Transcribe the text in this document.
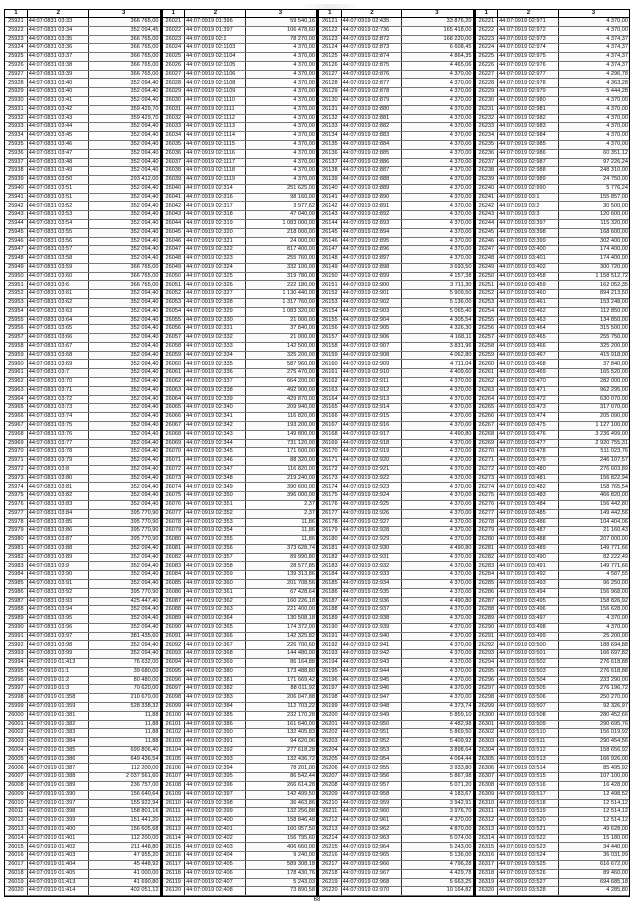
1	2	3
25921 44:07:0831 03:33	366 765,00
25922 44:07:0831 03:34	352 094,45
25923 44:07:0831 03:35	366 765,00
25924 44:07:0831 03:36	366 765,00
25925 44:07:0831 03:37	366 765,00
25926 44:07:0831 03:38	366 765,00
25927 44:07:0831 03:39	366 765,00
25928 44:07:0831 03:40	352 094,40
25929 44:07:0831 03:40	352 094,40
25930 44:07:0831 03:41	352 094,40
25931 44:07:0831 03:42	359 429,70
25932 44:07:0831 03:43	359 429,70
25933 44:07:0831 03:44	352 094,40
25934 44:07:0831 03:45	352 094,40
25935 44:07:0831 03:46	352 094,40
25936 44:07:0831 03:47	352 094,40
25937 44:07:0831 03:48	352 094,40
25938 44:07:0831 03:49	352 094,40
25939 44:07:0831 03:50	293 412,00
25940 44:07:0831 03:51	352 094,40
25941 44:07:0831 03:51	352 094,40
25942 44:07:0831 03:52	352 094,40
25943 44:07:0831 03:53	352 094,40
25944 44:07:0831 03:54	352 094,40
25945 44:07:0831 03:55	352 094,40
25946 44:07:0831 03:56	352 094,40
25947 44:07:0831 03:57	352 094,40
25948 44:07:0831 03:58	352 094,40
25949 44:07:0831 03:59	366 765,00
25950 44:07:0831 03:60	366 765,00
25951 44:07:0831 03:6	366 765,00
25952 44:07:0831 03:61	352 094,40
25953 44:07:0831 03:62	352 094,40
25954 44:07:0831 03:63	352 094,40
25955 44:07:0831 03:64	352 094,40
25956 44:07:0831 03:65	352 094,40
25957 44:07:0831 03:66	352 094,40
25958 44:07:0831 03:67	352 094,40
25959 44:07:0831 03:68	352 094,40
25960 44:07:0831 03:69	352 094,40
25961 44:07:0831 03:7	352 094,40
25962 44:07:0831 03:70	352 094,40
25963 44:07:0831 03:71	352 094,40
25964 44:07:0831 03:72	352 094,40
25965 44:07:0831 03:73	352 094,40
25966 44:07:0831 03:74	352 094,40
25967 44:07:0831 03:75	352 094,40
25968 44:07:0831 03:76	352 094,40
25969 44:07:0831 03:77	352 094,40
25970 44:07:0831 03:78	352 094,40
25971 44:07:0831 03:79	352 094,40
25972 44:07:0831 03:8	352 094,40
25973 44:07:0831 03:80	352 094,40
25974 44:07:0831 03:81	352 094,40
25975 44:07:0831 03:82	352 094,40
25976 44:07:0831 03:83	352 094,40
25977 44:07:0831 03:84	395 770,90
25978 44:07:0831 03:85	395 770,90
25979 44:07:0831 03:86	395 770,90
25980 44:07:0831 03:87	395 770,90
25981 44:07:0831 03:88	352 094,40
25982 44:07:0831 03:89	352 094,40
25983 44:07:0831 03:9	352 094,40
25984 44:07:0831 03:90	352 094,40
25985 44:07:0831 03:91	352 094,40
25986 44:07:0831 03:92	395 770,90
25987 44:07:0831 03:93	425 447,40
25988 44:07:0831 03:94	352 094,40
25989 44:07:0831 03:95	352 094,40
25990 44:07:0831 03:96	352 094,40
25991 44:07:0831 03:97	381 435,60
25992 44:07:0831 03:98	352 094,40
25993 44:07:0831 03:99	352 094,40
25994 44:07:0919 01:413	76 632,00
25995 44:07:0919 01:1	39 680,00
25996 44:07:0919 01:2	80 480,00
25997 44:07:0919 01:3	70 620,00
25998 44:07:0919 01:358	210 670,00
25999 44:07:0919 01:359	528 338,32
26000 44:07:0919 01:381	11,88
26001 44:07:0919 01:382	11,88
26002 44:07:0919 01:383	11,88
26003 44:07:0919 01:384	11,88
26004 44:07:0919 01:385	699 806,40
26005 44:07:0919 01:386	649 436,54
26006 44:07:0919 01:387	112 200,00
26007 44:07:0919 01:388	2 037 561,60
26008 44:07:0919 01:389	236 757,00
26009 44:07:0919 01:390	156 640,64
26010 44:07:0919 01:397	155 922,94
26011 44:07:0919 01:398	158 801,16
26012 44:07:0919 01:399	151 441,20
26013 44:07:0919 01:400	156 605,68
26014 44:07:0919 01:401	112 200,00
26015 44:07:0919 01:402	211 448,80
26016 44:07:0919 01:403	47 955,20
26017 44:07:0919 01:404	45 448,92
26018 44:07:0919 01:405	41 000,00
26019 44:07:0919 01:413	41 690,80
26020 44:07:0919 01:414	402 051,12
1	2	3
26021 44:07:0919 01:396	59 540,16
26022 44:07:0919 01:397	106 478,60
26023 44:07:0919 02:1	78 270,00
26024 44:07:0919 02:1103	4 370,00
26025 44:07:0919 02:1104	4 370,00
26026 44:07:0919 02:1105	4 370,00
26027 44:07:0919 02:1106	4 370,00
26028 44:07:0919 02:1108	4 370,00
26029 44:07:0919 02:1109	4 370,00
26030 44:07:0919 02:1110	4 370,00
26031 44:07:0919 02:1111	4 370,00
26032 44:07:0919 02:1112	4 370,00
26033 44:07:0919 02:1113	4 370,00
26034 44:07:0919 02:1114	4 370,00
26035 44:07:0919 02:1115	4 370,00
26036 44:07:0919 02:1116	4 370,00
26037 44:07:0919 02:1117	4 370,00
26038 44:07:0919 02:1118	4 370,00
26039 44:07:0919 02:1119	4 370,00
26040 44:07:0919 02:314	251 625,00
26041 44:07:0919 02:316	98 160,00
26042 44:07:0919 02:317	3 977,62
26043 44:07:0919 02:318	47 040,00
26044 44:07:0919 02:319	1 083 000,00
26045 44:07:0919 02:320	218 000,00
26046 44:07:0919 02:321	24 000,00
26047 44:07:0919 02:322	817 400,00
26048 44:07:0919 02:323	255 760,00
26049 44:07:0919 02:324	332 100,00
26050 44:07:0919 02:325	319 780,00
26051 44:07:0919 02:326	222 180,00
26052 44:07:0919 02:327	1 130 440,00
26053 44:07:0919 02:328	1 317 760,00
26054 44:07:0919 02:329	1 083 320,00
26055 44:07:0919 02:330	21 000,00
26056 44:07:0919 02:331	37 840,00
26057 44:07:0919 02:332	21 000,00
26058 44:07:0919 02:333	142 500,00
26059 44:07:0919 02:334	325 200,00
26060 44:07:0919 02:335	587 960,00
26061 44:07:0919 02:336	275 470,00
26062 44:07:0919 02:337	664 200,00
26063 44:07:0919 02:338	492 900,00
26064 44:07:0919 02:339	429 870,00
26065 44:07:0919 02:340	209 940,00
26066 44:07:0919 02:341	116 820,00
26067 44:07:0919 02:342	193 200,00
26068 44:07:0919 02:343	149 800,00
26069 44:07:0919 02:344	731 120,00
26070 44:07:0919 02:345	171 600,00
26071 44:07:0919 02:346	88 320,00
26072 44:07:0919 02:347	116 820,00
26073 44:07:0919 02:348	219 240,00
26074 44:07:0919 02:349	390 600,00
26075 44:07:0919 02:350	396 000,00
26076 44:07:0919 02:351	2,37
26077 44:07:0919 02:352	2,37
26078 44:07:0919 02:353	11,86
26079 44:07:0919 02:354	11,86
26080 44:07:0919 02:355	11,86
26081 44:07:0919 02:356	373 628,74
26082 44:07:0919 02:357	89 990,80
26083 44:07:0919 02:358	28 577,85
26084 44:07:0919 02:359	139 313,86
26085 44:07:0919 02:360	201 708,56
26086 44:07:0919 02:361	67 428,64
26087 44:07:0919 02:362	160 226,18
26088 44:07:0919 02:363	221 400,00
26089 44:07:0919 02:364	130 508,18
26090 44:07:0919 02:365	174 372,00
26091 44:07:0919 02:366	142 325,82
26092 44:07:0919 02:367	226 700,60
26093 44:07:0919 02:368	144 480,00
26094 44:07:0919 02:369	86 164,88
26095 44:07:0919 02:380	173 488,80
26096 44:07:0919 02:381	171 669,42
26097 44:07:0919 02:382	88 011,92
26098 44:07:0919 02:383	206 047,88
26099 44:07:0919 02:384	112 703,22
26100 44:07:0919 02:385	232 170,28
26101 44:07:0919 02:386	161 640,00
26102 44:07:0919 02:390	132 405,83
26103 44:07:0919 02:391	94 620,96
26104 44:07:0919 02:392	277 618,28
26105 44:07:0919 02:393	132 436,72
26106 44:07:0919 02:394	78 201,00
26107 44:07:0919 02:395	86 542,44
26108 44:07:0919 02:396	266 614,28
26109 44:07:0919 02:397	142 499,50
26110 44:07:0919 02:398	36 463,86
26111 44:07:0919 02:399	132 256,88
26112 44:07:0919 02:400	158 846,48
26113 44:07:0919 02:401	160 957,50
26114 44:07:0919 02:402	156 795,60
26115 44:07:0919 02:403	406 660,00
26116 44:07:0919 02:404	9 240,00
26117 44:07:0919 02:405	589 308,18
26118 44:07:0919 02:406	178 430,76
26119 44:07:0919 02:407	5 243,03
26120 44:07:0919 02:408	73 890,58
1	2	3
26121 44:07:0919 02:435	33 876,20
26122 44:07:0919 02:736	165 418,00
26123 44:07:0919 02:872	168 220,00
26124 44:07:0919 02:873	6 608,45
26125 44:07:0919 02:874	4 864,35
26126 44:07:0919 02:875	4 465,06
26127 44:07:0919 02:876	4 370,00
26128 44:07:0919 02:877	4 370,00
26129 44:07:0919 02:878	4 370,00
26130 44:07:0919 02:879	4 370,00
26131 44:07:0919 02:880	4 370,00
26132 44:07:0919 02:881	4 370,00
26133 44:07:0919 02:882	4 370,00
26134 44:07:0919 02:883	4 370,00
26135 44:07:0919 02:884	4 370,00
26136 44:07:0919 02:885	4 370,00
26137 44:07:0919 02:886	4 370,00
26138 44:07:0919 02:887	4 370,00
26139 44:07:0919 02:888	4 370,00
26140 44:07:0919 02:889	4 370,00
26141 44:07:0919 02:890	4 370,00
26142 44:07:0919 02:891	4 370,00
26143 44:07:0919 02:892	4 370,00
26144 44:07:0919 02:893	4 370,00
26145 44:07:0919 02:894	4 370,00
26146 44:07:0919 02:895	4 370,00
26147 44:07:0919 02:896	4 370,00
26148 44:07:0919 02:897	4 370,00
26149 44:07:0919 02:898	3 693,50
26150 44:07:0919 02:899	4 157,38
26151 44:07:0919 02:900	3 711,30
26152 44:07:0919 02:901	5 909,50
26153 44:07:0919 02:902	5 136,00
26154 44:07:0919 02:903	5 065,40
26155 44:07:0919 02:904	4 305,54
26156 44:07:0919 02:905	4 326,30
26157 44:07:0919 02:906	4 168,11
26158 44:07:0919 02:907	3 831,96
26159 44:07:0919 02:908	4 062,80
26160 44:07:0919 02:909	4 711,04
26161 44:07:0919 02:910	4 409,60
26162 44:07:0919 02:911	4 370,00
26163 44:07:0919 02:912	4 370,00
26164 44:07:0919 02:913	4 370,00
26165 44:07:0919 02:914	4 370,00
26166 44:07:0919 02:915	4 370,00
26167 44:07:0919 02:916	4 370,00
26168 44:07:0919 02:917	4 490,80
26169 44:07:0919 02:918	4 370,00
26170 44:07:0919 02:919	4 370,00
26171 44:07:0919 02:920	4 370,00
26172 44:07:0919 02:921	4 370,00
26173 44:07:0919 02:922	4 370,00
26174 44:07:0919 02:923	4 370,00
26175 44:07:0919 02:924	4 370,00
26176 44:07:0919 02:925	4 370,00
26177 44:07:0919 02:926	4 370,00
26178 44:07:0919 02:927	4 370,00
26179 44:07:0919 02:928	4 370,00
26180 44:07:0919 02:929	4 370,00
26181 44:07:0919 02:930	4 490,80
26182 44:07:0919 02:931	4 370,00
26183 44:07:0919 02:932	4 370,00
26184 44:07:0919 02:933	4 370,00
26185 44:07:0919 02:934	4 370,00
26186 44:07:0919 02:935	4 370,00
26187 44:07:0919 02:936	4 490,80
26188 44:07:0919 02:937	4 370,00
26189 44:07:0919 02:938	4 370,00
26190 44:07:0919 02:939	4 370,00
26191 44:07:0919 02:940	4 370,00
26192 44:07:0919 02:941	4 370,00
26193 44:07:0919 02:942	4 370,00
26194 44:07:0919 02:943	4 370,00
26195 44:07:0919 02:944	4 370,00
26196 44:07:0919 02:945	4 370,00
26197 44:07:0919 02:946	4 370,00
26198 44:07:0919 02:947	4 370,00
26199 44:07:0919 02:948	4 373,74
26200 44:07:0919 02:949	5 859,10
26201 44:07:0919 02:950	4 482,98
26202 44:07:0919 02:951	5 869,50
26203 44:07:0919 02:952	5 409,92
26204 44:07:0919 02:953	3 898,64
26205 44:07:0919 02:954	4 064,44
26206 44:07:0919 02:955	3 933,80
26207 44:07:0919 02:956	5 867,98
26208 44:07:0919 02:957	5 071,20
26209 44:07:0919 02:958	4 183,67
26210 44:07:0919 02:959	3 942,91
26211 44:07:0919 02:960	3 976,70
26212 44:07:0919 02:961	4 370,00
26213 44:07:0919 02:962	4 870,00
26214 44:07:0919 02:963	5 074,00
26215 44:07:0919 02:964	5 243,00
26216 44:07:0919 02:965	5 136,00
26217 44:07:0919 02:966	4 796,28
26218 44:07:0919 02:967	4 429,78
26219 44:07:0919 02:968	5 663,25
26220 44:07:0919 02:970	10 164,82
1	2	3
26221 44:07:0919 02:971	4 370,00
26222 44:07:0919 02:972	4 370,00
26223 44:07:0919 02:973	4 374,37
26224 44:07:0919 02:974	4 374,37
26225 44:07:0919 02:975	4 374,37
26226 44:07:0919 02:976	4 374,37
26227 44:07:0919 02:977	4 296,78
26228 44:07:0919 02:978	4 363,28
26229 44:07:0919 02:979	5 444,28
26230 44:07:0919 02:980	4 370,00
26231 44:07:0919 02:981	4 370,00
26232 44:07:0919 02:982	4 370,00
26233 44:07:0919 02:983	4 370,00
26234 44:07:0919 02:984	4 370,00
26235 44:07:0919 02:985	4 370,00
26236 44:07:0919 02:986	60 351,12
26237 44:07:0919 02:987	97 226,24
26238 44:07:0919 02:988	248 310,00
26239 44:07:0919 02:989	24 750,00
26240 44:07:0919 02:990	5 776,24
26241 44:07:0919 03:1	155 857,00
26242 44:07:0919 03:2	30 500,00
26243 44:07:0919 03:3	120 600,00
26244 44:07:0919 03:397	115 320,00
26245 44:07:0919 03:398	168 600,00
26246 44:07:0919 03:399	302 400,00
26247 44:07:0919 03:400	174 400,00
26248 44:07:0919 03:401	174 400,00
26249 44:07:0919 03:402	300 720,00
26250 44:07:0919 03:458	1 158 512,72
26251 44:07:0919 03:459	162 052,35
26252 44:07:0919 03:460	894 213,50
26253 44:07:0919 03:461	153 248,00
26254 44:07:0919 03:462	112 850,00
26255 44:07:0919 03:463	134 850,00
26256 44:07:0919 03:464	315 500,00
26257 44:07:0919 03:465	255 750,00
26258 44:07:0919 03:466	325 200,00
26259 44:07:0919 03:467	415 918,00
26260 44:07:0919 03:468	37 840,00
26261 44:07:0919 03:469	165 520,00
26262 44:07:0919 03:470	282 000,00
26263 44:07:0919 03:471	962 295,00
26264 44:07:0919 03:472	630 070,00
26265 44:07:0919 03:473	317 070,00
26266 44:07:0919 03:474	205 090,00
26267 44:07:0919 03:475	1 127 100,00
26268 44:07:0919 03:476	3 236 499,00
26269 44:07:0919 03:477	2 920 755,31
26270 44:07:0919 03:478	511 023,76
26271 44:07:0919 03:479	246 107,57
26272 44:07:0919 03:480	276 603,89
26273 44:07:0919 03:481	156 822,94
26274 44:07:0919 03:482	158 765,54
26275 44:07:0919 03:483	466 820,00
26276 44:07:0919 03:484	156 442,80
26277 44:07:0919 03:485	149 442,56
26278 44:07:0919 03:486	104 404,06
26279 44:07:0919 03:487	21 160,43
26280 44:07:0919 03:488	207 000,00
26281 44:07:0919 03:489	149 771,66
26282 44:07:0919 03:490	82 222,49
26283 44:07:0919 03:491	149 771,66
26284 44:07:0919 03:492	4 587,55
26285 44:07:0919 03:493	96 250,00
26286 44:07:0919 03:494	156 968,00
26287 44:07:0919 03:495	158 826,92
26288 44:07:0919 03:496	156 628,00
26289 44:07:0919 03:497	4 370,00
26290 44:07:0919 03:498	4 370,00
26291 44:07:0919 03:499	25 200,00
26292 44:07:0919 03:500	188 694,88
26293 44:07:0919 03:501	166 697,82
26294 44:07:0919 03:502	276 618,88
26295 44:07:0919 03:503	276 618,88
26296 44:07:0919 03:504	233 290,00
26297 44:07:0919 03:505	276 196,72
26298 44:07:0919 03:506	250 270,00
26299 44:07:0919 03:507	92 326,97
26300 44:07:0919 03:508	280 452,66
26301 44:07:0919 03:509	290 695,76
26302 44:07:0919 03:510	156 019,92
26303 44:07:0919 03:511	290 454,56
26304 44:07:0919 03:512	158 656,92
26305 44:07:0919 03:513	166 926,00
26306 44:07:0919 03:514	85 495,92
26307 44:07:0919 03:515	107 100,00
26308 44:07:0919 03:516	16 428,00
26309 44:07:0919 03:517	12 498,52
26310 44:07:0919 03:518	12 514,12
26311 44:07:0919 03:519	12 514,12
26312 44:07:0919 03:520	12 514,12
26313 44:07:0919 03:521	49 628,00
26314 44:07:0919 03:522	15 180,00
26315 44:07:0919 03:523	34 440,00
26316 44:07:0919 03:524	36 031,99
26317 44:07:0919 03:525	616 672,00
26318 44:07:0919 03:526	89 460,00
26319 44:07:0919 03:527	694 685,18
26320 44:07:0919 03:528	4 285,80
68
